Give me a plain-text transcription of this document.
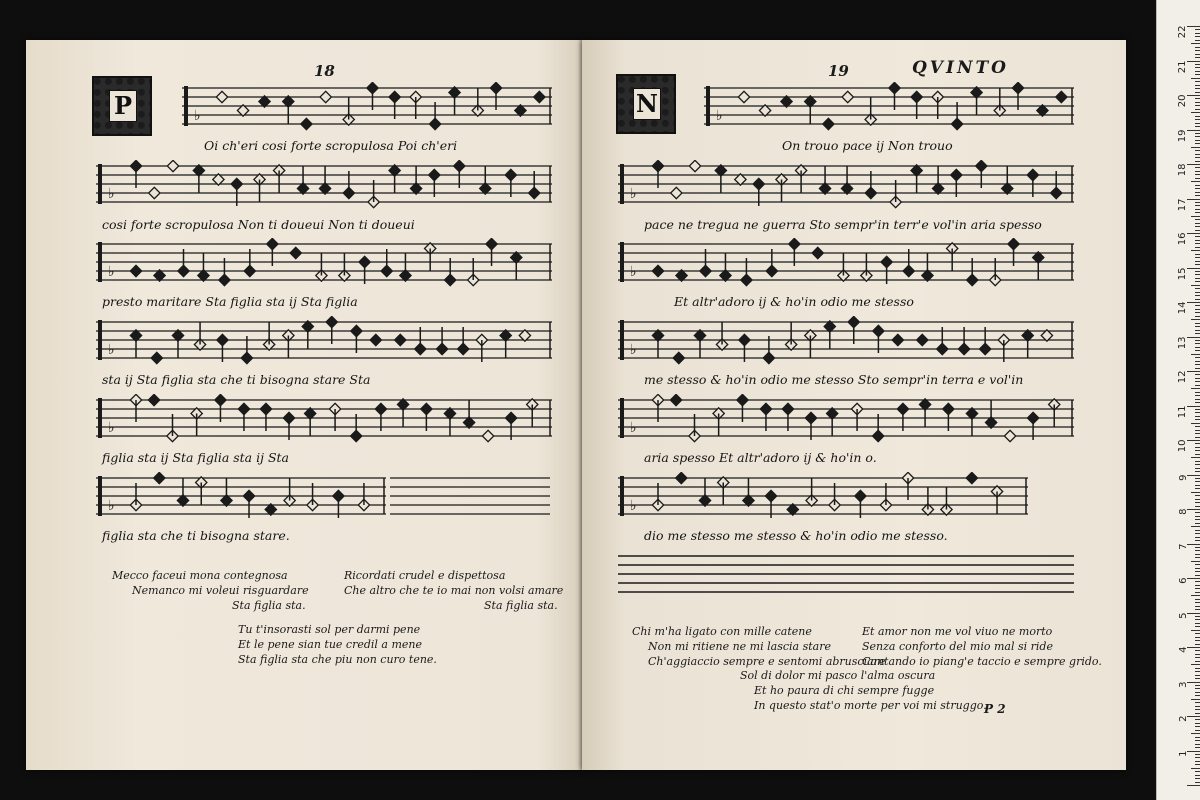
18
P	♭
♭
♭
♭
♭
♭
Oi ch'eri cosi forte scropulosa Poi ch'eri
cosi forte scropulosa Non ti doueui Non ti doueui
presto maritare Sta figlia sta ij Sta figlia
sta ij Sta figlia sta che ti bisogna stare Sta
figlia sta ij Sta figlia sta ij Sta
figlia sta che ti bisogna stare.
Mecco faceui mona contegnosa
Nemanco mi voleui risguardare
Sta figlia sta.
Ricordati crudel e dispettosa
Che altro che te io mai non volsi amare
Sta figlia sta.
Tu t'insorasti sol per darmi pene
Et le pene sian tue credil a mene
Sta figlia sta che piu non curo tene.
19	QVINTO
N	♭
♭
♭
♭
♭
♭
On trouo pace ij Non trouo
pace ne tregua ne guerra Sto sempr'in terr'e vol'in aria spesso
Et altr'adoro ij & ho'in odio me stesso
me stesso & ho'in odio me stesso Sto sempr'in terra e vol'in
aria spesso Et altr'adoro ij & ho'in o.
dio me stesso me stesso & ho'in odio me stesso.
Chi m'ha ligato con mille catene
Non mi ritiene ne mi lascia stare
Ch'aggiaccio sempre e sentomi abrusciare
Et amor non me vol viuo ne morto
Senza conforto del mio mal si ride
Cantando io piang'e taccio e sempre grido.
Sol di dolor mi pasco l'alma oscura
Et ho paura di chi sempre fugge
In questo stat'o morte per voi mi struggo.
P 2
1
2
3
4
5
6
7
8
9
10
11
12
13
14
15
16
17
18
19
20
21
22
